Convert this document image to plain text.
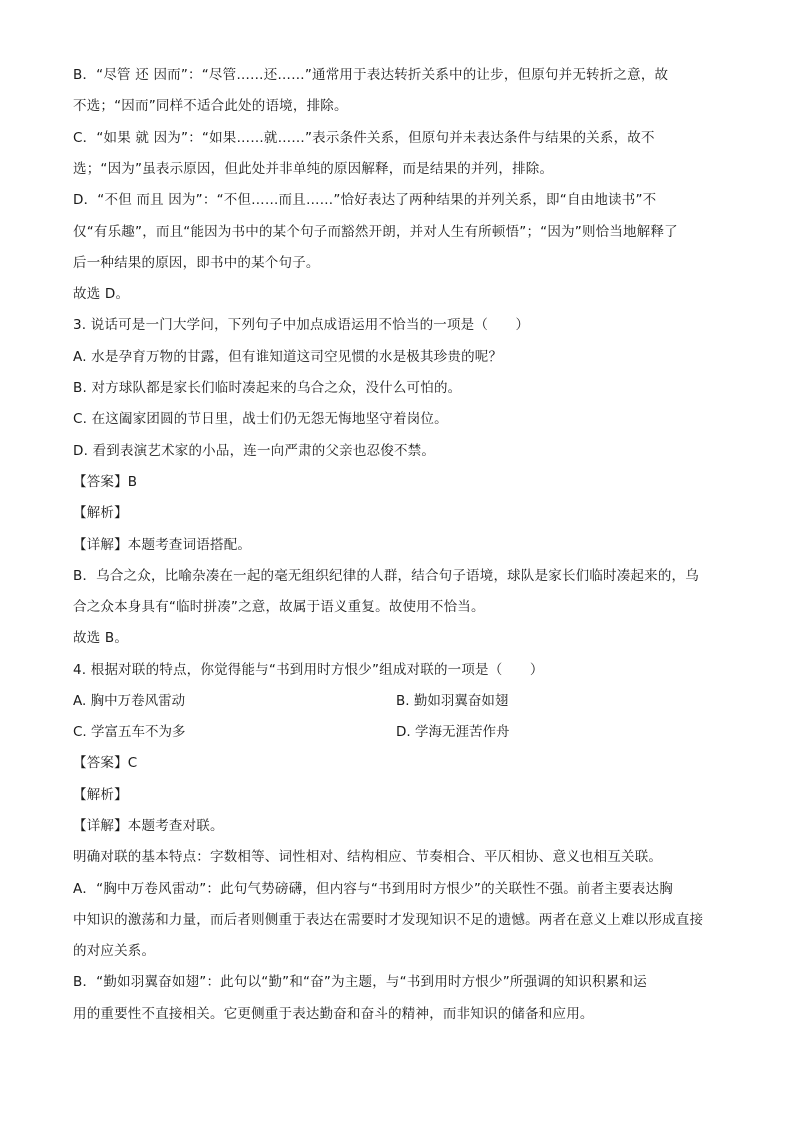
B．“尽管 还 因而”：“尽管……还……”通常用于表达转折关系中的让步，但原句并无转折之意，故
不选；“因而”同样不适合此处的语境，排除。
C．“如果 就 因为”：“如果……就……”表示条件关系，但原句并未表达条件与结果的关系，故不
选；“因为”虽表示原因，但此处并非单纯的原因解释，而是结果的并列，排除。
D．“不但 而且 因为”：“不但……而且……”恰好表达了两种结果的并列关系，即“自由地读书”不
仅“有乐趣”，而且“能因为书中的某个句子而豁然开朗，并对人生有所顿悟”；“因为”则恰当地解释了
后一种结果的原因，即书中的某个句子。
故选 D。
3. 说话可是一门大学问，下列句子中加点成语运用不恰当的一项是（　　）
A. 水是孕育万物的甘露，但有谁知道这司空见惯的水是极其珍贵的呢？
B. 对方球队都是家长们临时凑起来的乌合之众，没什么可怕的。
C. 在这阖家团圆的节日里，战士们仍无怨无悔地坚守着岗位。
D. 看到表演艺术家的小品，连一向严肃的父亲也忍俊不禁。
【答案】B
【解析】
【详解】本题考查词语搭配。
B．乌合之众，比喻杂凑在一起的毫无组织纪律的人群，结合句子语境，球队是家长们临时凑起来的，乌
合之众本身具有“临时拼凑”之意，故属于语义重复。故使用不恰当。
故选 B。
4. 根据对联的特点，你觉得能与“书到用时方恨少”组成对联的一项是（　　）
A. 胸中万卷风雷动	B. 勤如羽翼奋如翅
C. 学富五车不为多	D. 学海无涯苦作舟
【答案】C
【解析】
【详解】本题考查对联。
明确对联的基本特点：字数相等、词性相对、结构相应、节奏相合、平仄相协、意义也相互关联。
A．“胸中万卷风雷动”：此句气势磅礴，但内容与“书到用时方恨少”的关联性不强。前者主要表达胸
中知识的激荡和力量，而后者则侧重于表达在需要时才发现知识不足的遗憾。两者在意义上难以形成直接
的对应关系。
B．“勤如羽翼奋如翅”：此句以“勤”和“奋”为主题，与“书到用时方恨少”所强调的知识积累和运
用的重要性不直接相关。它更侧重于表达勤奋和奋斗的精神，而非知识的储备和应用。
